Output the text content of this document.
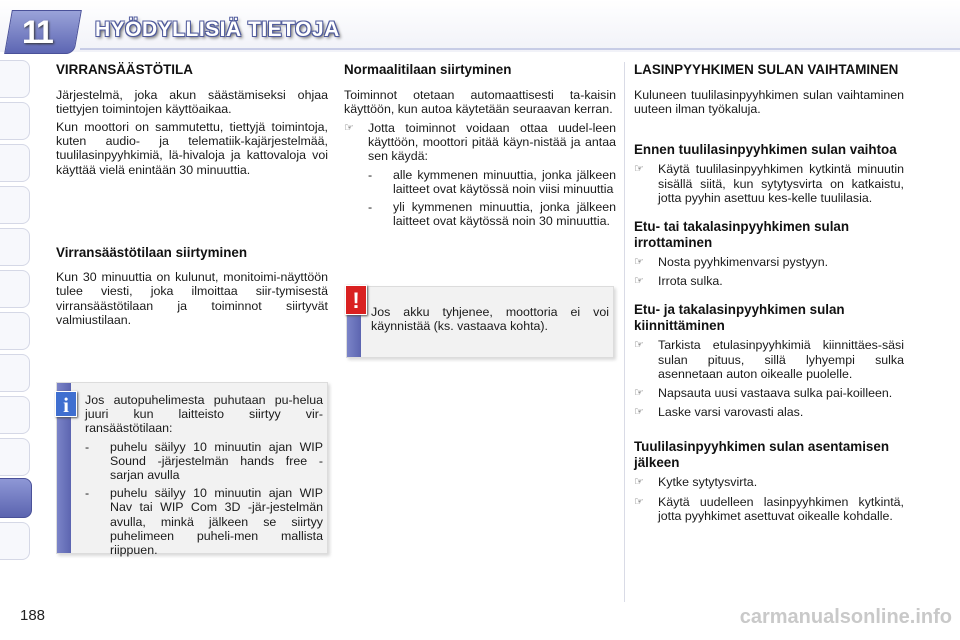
11 HYÖDYLLISIÄ TIETOJA
VIRRANSÄÄSTÖTILA

Järjestelmä, joka akun säästämiseksi ohjaa tiettyjen toimintojen käyttöaikaa.

Kun moottori on sammutettu, tiettyjä toimintoja, kuten audio- ja telematiik-kajärjestelmää, tuulilasinpyyhkimiä, lä-hivaloja ja kattovaloja voi käyttää vielä enintään 30 minuuttia.

Virransäästötilaan siirtyminen

Kun 30 minuuttia on kulunut, monitoimi-näyttöön tulee viesti, joka ilmoittaa siir-tymisestä virransäästötilaan ja toiminnot siirtyvät valmiustilaan.

i	Jos autopuhelimesta puhutaan pu-helua juuri kun laitteisto siirtyy vir-ransäästötilaan:

- puhelu säilyy 10 minuutin ajan WIP Sound -järjestelmän hands free -sarjan avulla
- puhelu säilyy 10 minuutin ajan WIP Nav tai WIP Com 3D -jär-jestelmän avulla, minkä jälkeen se siirtyy puhelimeen puheli-men mallista riippuen.
Normaalitilaan siirtyminen

Toiminnot otetaan automaattisesti ta-kaisin käyttöön, kun autoa käytetään seuraavan kerran.

☞	Jotta toiminnot voidaan ottaa uudel-leen käyttöön, moottori pitää käyn-nistää ja antaa sen käydä:
- alle kymmenen minuuttia, jonka jälkeen laitteet ovat käytössä noin viisi minuuttia
- yli kymmenen minuuttia, jonka jälkeen laitteet ovat käytössä noin 30 minuuttia.
! Jos akku tyhjenee, moottoria ei voi käynnistää (ks. vastaava kohta).

LASINPYYHKIMEN SULAN VAIHTAMINEN

Kuluneen tuulilasinpyyhkimen sulan vaihtaminen uuteen ilman työkaluja.

Ennen tuulilasinpyyhkimen sulan vaihtoa
☞	Käytä tuulilasinpyyhkimen kytkintä minuutin sisällä siitä, kun sytytysvirta on katkaistu, jotta pyyhin asettuu kes-kelle tuulilasia.
Etu- tai takalasinpyyhkimen sulan irrottaminen
☞	Nosta pyyhkimenvarsi pystyyn.
☞	Irrota sulka.
Etu- ja takalasinpyyhkimen sulan kiinnittäminen
☞	Tarkista etulasinpyyhkimiä kiinnittäes-säsi sulan pituus, sillä lyhyempi sulka asennetaan auton oikealle puolelle.
☞	Napsauta uusi vastaava sulka pai-koilleen.
☞	Laske varsi varovasti alas.
Tuulilasinpyyhkimen sulan asentamisen jälkeen
☞	Kytke sytytysvirta.
☞	Käytä uudelleen lasinpyyhkimen kytkintä, jotta pyyhkimet asettuvat oikealle kohdalle.
188	carmanualsonline.info
